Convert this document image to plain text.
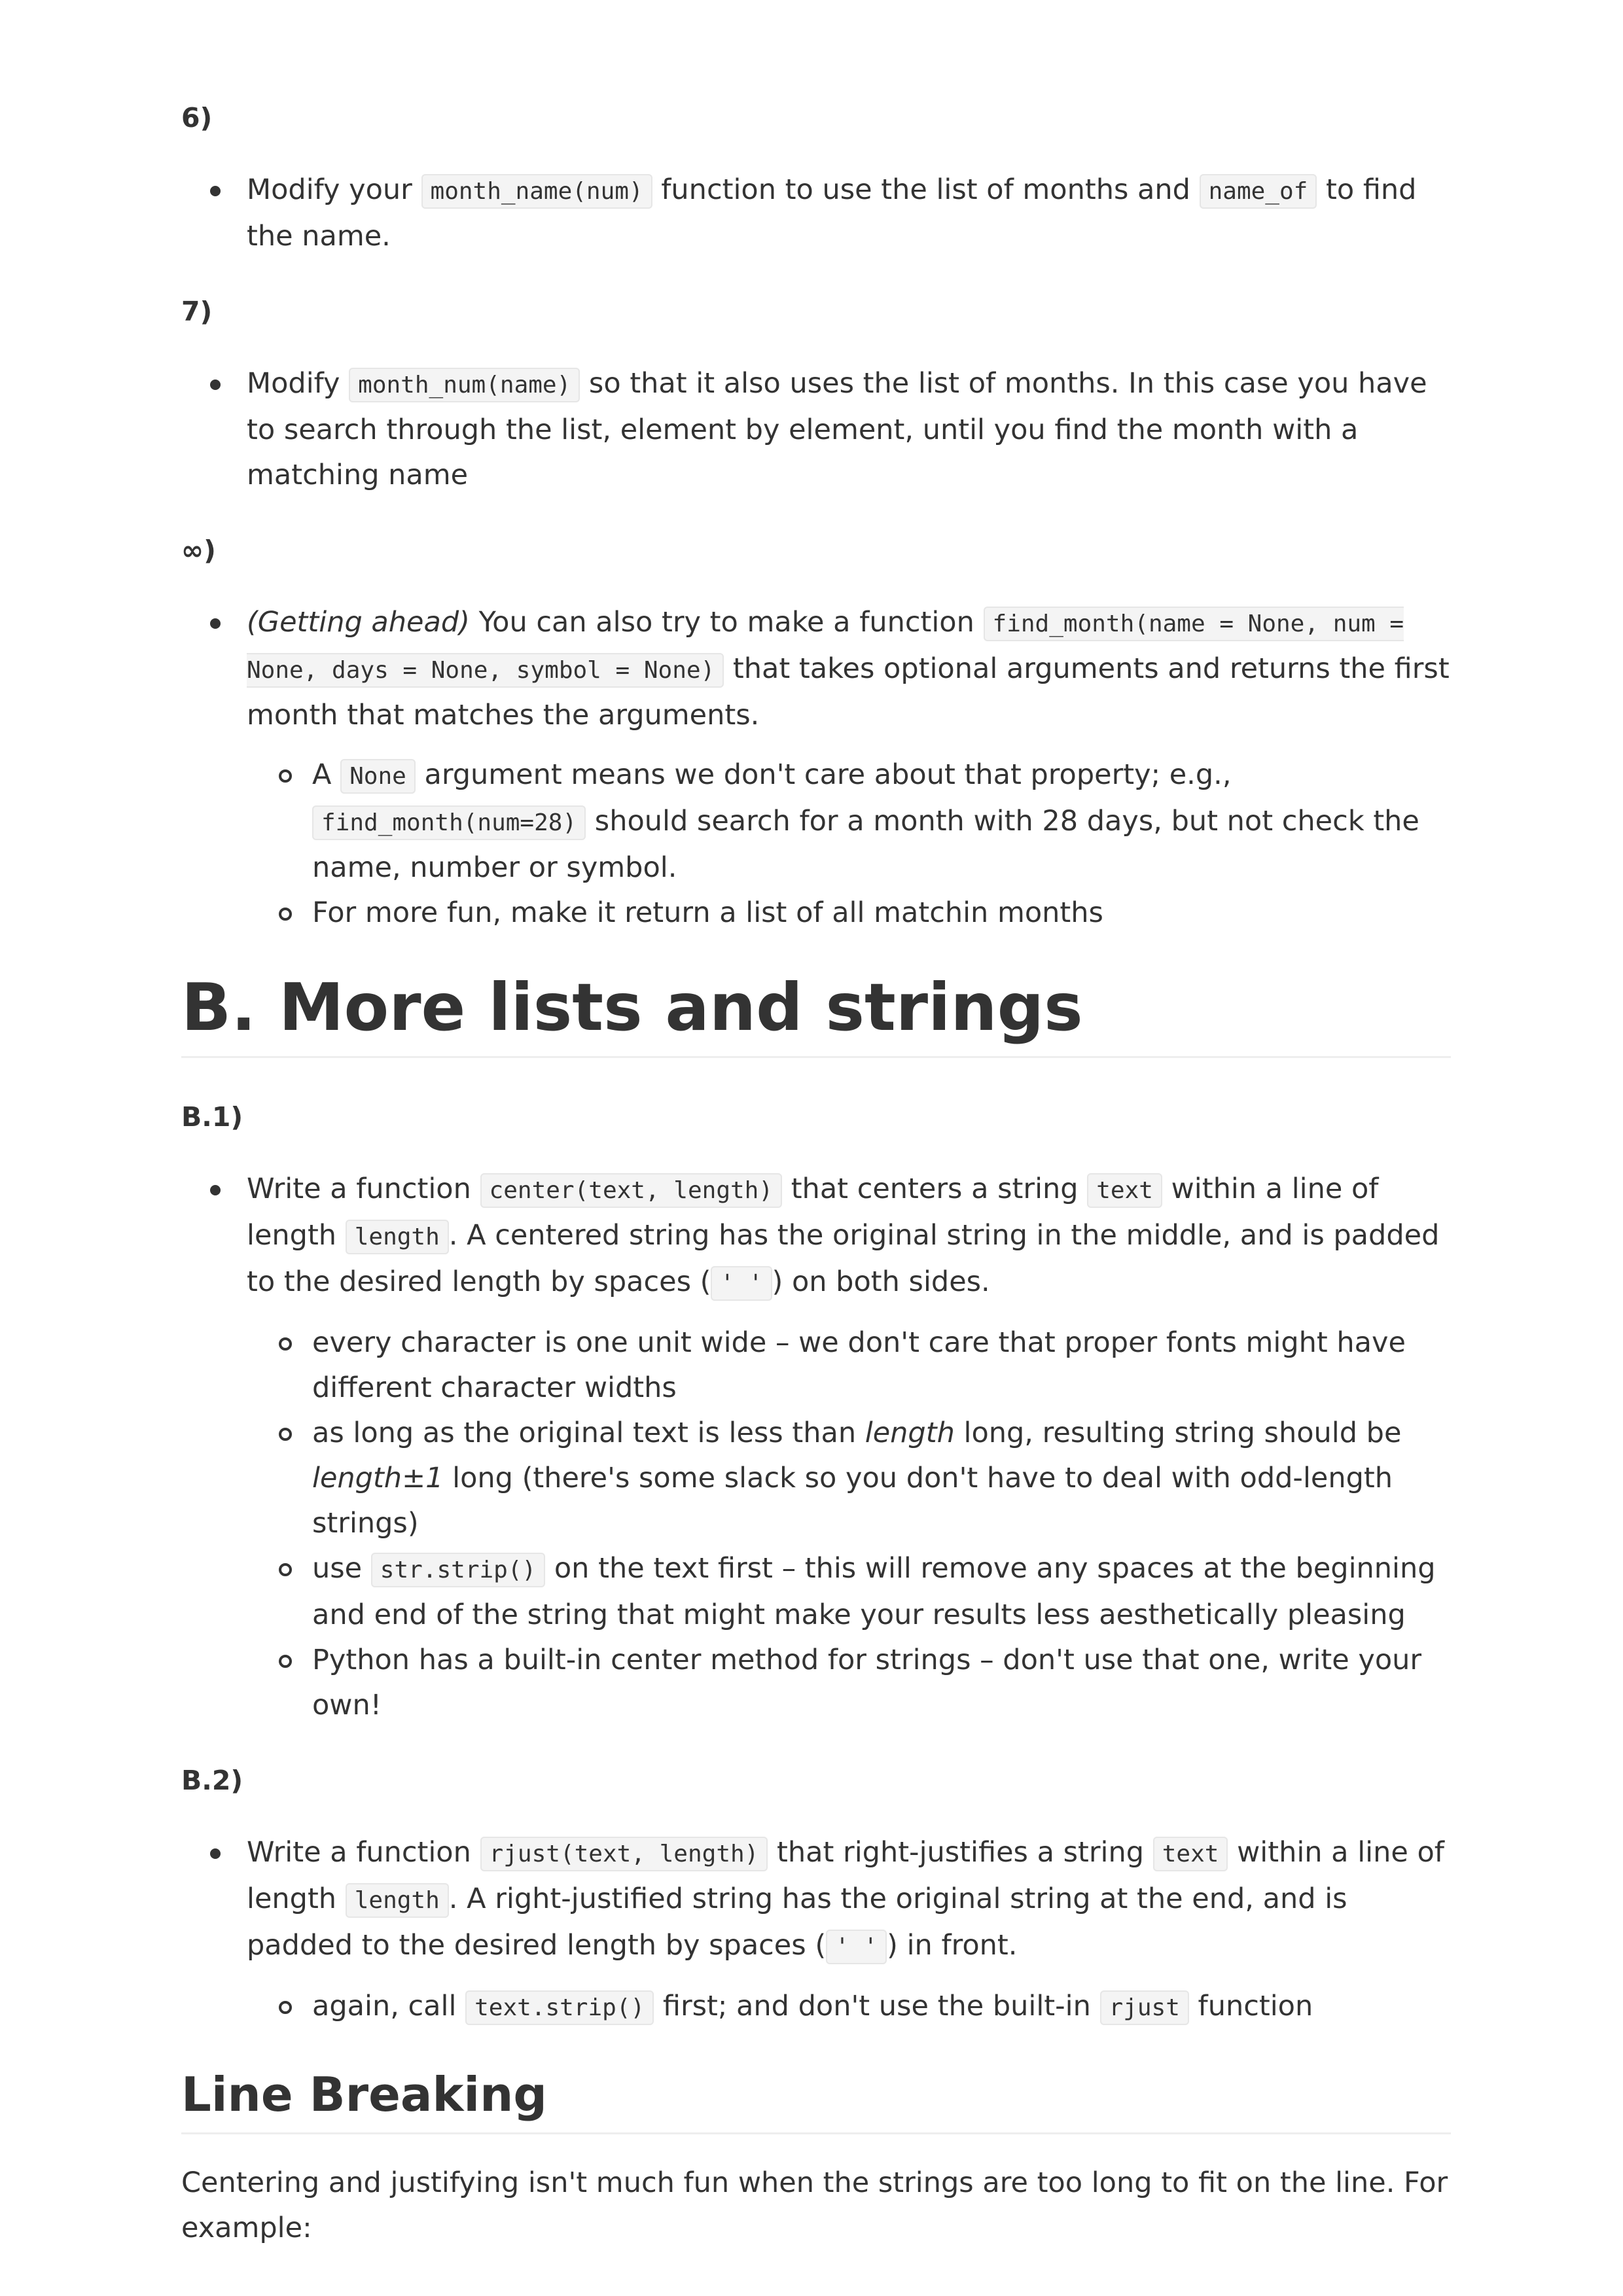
6)
Modify your month_name(num) function to use the list of months and name_of to find the name.
7)
Modify month_num(name) so that it also uses the list of months. In this case you have to search through the list, element by element, until you find the month with a matching name
∞)
(Getting ahead) You can also try to make a function find_month(name = None, num = None, days = None, symbol = None) that takes optional arguments and returns the first month that matches the arguments.
A None argument means we don't care about that property; e.g., find_month(num=28) should search for a month with 28 days, but not check the name, number or symbol.
For more fun, make it return a list of all matchin months
B. More lists and strings
B.1)
Write a function center(text, length) that centers a string text within a line of length length . A centered string has the original string in the middle, and is padded to the desired length by spaces ( ' ' ) on both sides.
every character is one unit wide – we don't care that proper fonts might have different character widths
as long as the original text is less than length long, resulting string should be length±1 long (there's some slack so you don't have to deal with odd-length strings)
use str.strip() on the text first – this will remove any spaces at the beginning and end of the string that might make your results less aesthetically pleasing
Python has a built-in center method for strings – don't use that one, write your own!
B.2)
Write a function rjust(text, length) that right-justifies a string text within a line of length length . A right-justified string has the original string at the end, and is padded to the desired length by spaces ( ' ' ) in front.
again, call text.strip() first; and don't use the built-in rjust function
Line Breaking

Centering and justifying isn't much fun when the strings are too long to fit on the line. For example:
